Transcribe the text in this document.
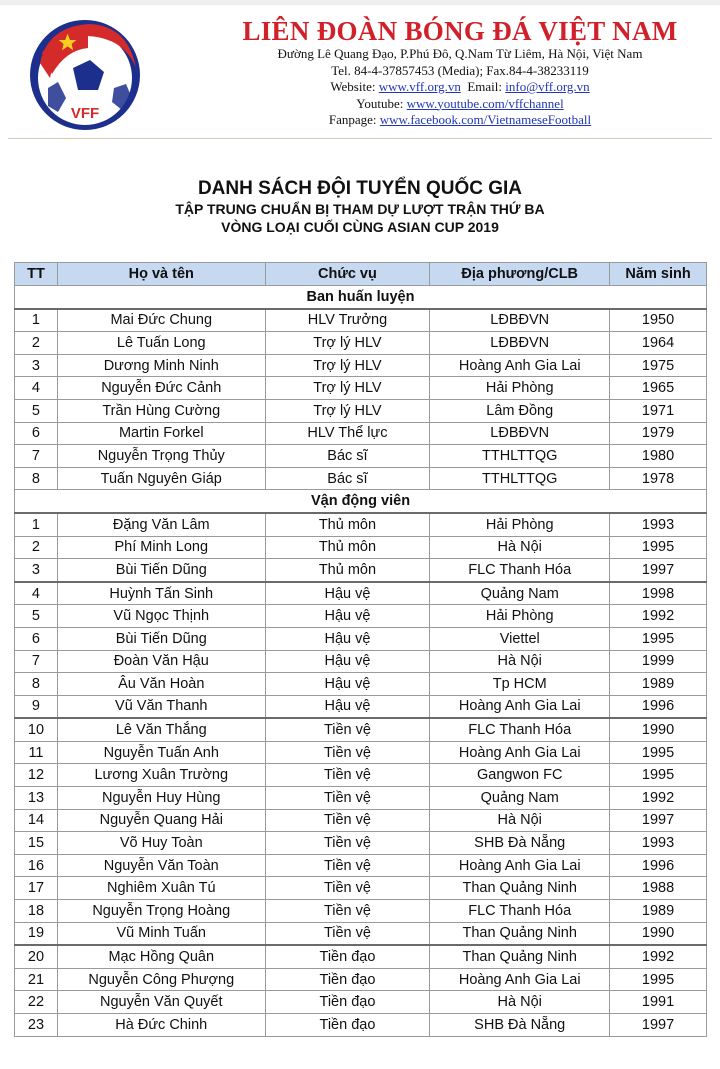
VFF
LIÊN ĐOÀN BÓNG ĐÁ VIỆT NAM
Đường Lê Quang Đạo, P.Phú Đô, Q.Nam Từ Liêm, Hà Nội, Việt Nam
Tel. 84-4-37857453 (Media); Fax.84-4-38233119
Website: www.vff.org.vn Email: info@vff.org.vn
Youtube: www.youtube.com/vffchannel
Fanpage: www.facebook.com/VietnameseFootball
DANH SÁCH ĐỘI TUYỂN QUỐC GIA
TẬP TRUNG CHUẨN BỊ THAM DỰ LƯỢT TRẬN THỨ BA
VÒNG LOẠI CUỐI CÙNG ASIAN CUP 2019
TT	Họ và tên	Chức vụ	Địa phương/CLB	Năm sinh
Ban huấn luyện				
1	Mai Đức Chung	HLV Trưởng	LĐBĐVN	1950
2	Lê Tuấn Long	Trợ lý HLV	LĐBĐVN	1964
3	Dương Minh Ninh	Trợ lý HLV	Hoàng Anh Gia Lai	1975
4	Nguyễn Đức Cảnh	Trợ lý HLV	Hải Phòng	1965
5	Trần Hùng Cường	Trợ lý HLV	Lâm Đồng	1971
6	Martin Forkel	HLV Thể lực	LĐBĐVN	1979
7	Nguyễn Trọng Thủy	Bác sĩ	TTHLTTQG	1980
8	Tuấn Nguyên Giáp	Bác sĩ	TTHLTTQG	1978
Vận động viên				
1	Đặng Văn Lâm	Thủ môn	Hải Phòng	1993
2	Phí Minh Long	Thủ môn	Hà Nội	1995
3	Bùi Tiến Dũng	Thủ môn	FLC Thanh Hóa	1997
4	Huỳnh Tấn Sinh	Hậu vệ	Quảng Nam	1998
5	Vũ Ngọc Thịnh	Hậu vệ	Hải Phòng	1992
6	Bùi Tiến Dũng	Hậu vệ	Viettel	1995
7	Đoàn Văn Hậu	Hậu vệ	Hà Nội	1999
8	Âu Văn Hoàn	Hậu vệ	Tp HCM	1989
9	Vũ Văn Thanh	Hậu vệ	Hoàng Anh Gia Lai	1996
10	Lê Văn Thắng	Tiền vệ	FLC Thanh Hóa	1990
11	Nguyễn Tuấn Anh	Tiền vệ	Hoàng Anh Gia Lai	1995
12	Lương Xuân Trường	Tiền vệ	Gangwon FC	1995
13	Nguyễn Huy Hùng	Tiền vệ	Quảng Nam	1992
14	Nguyễn Quang Hải	Tiền vệ	Hà Nội	1997
15	Võ Huy Toàn	Tiền vệ	SHB Đà Nẵng	1993
16	Nguyễn Văn Toàn	Tiền vệ	Hoàng Anh Gia Lai	1996
17	Nghiêm Xuân Tú	Tiền vệ	Than Quảng Ninh	1988
18	Nguyễn Trọng Hoàng	Tiền vệ	FLC Thanh Hóa	1989
19	Vũ Minh Tuấn	Tiền vệ	Than Quảng Ninh	1990
20	Mạc Hồng Quân	Tiền đạo	Than Quảng Ninh	1992
21	Nguyễn Công Phượng	Tiền đạo	Hoàng Anh Gia Lai	1995
22	Nguyễn Văn Quyết	Tiền đạo	Hà Nội	1991
23	Hà Đức Chinh	Tiền đạo	SHB Đà Nẵng	1997
